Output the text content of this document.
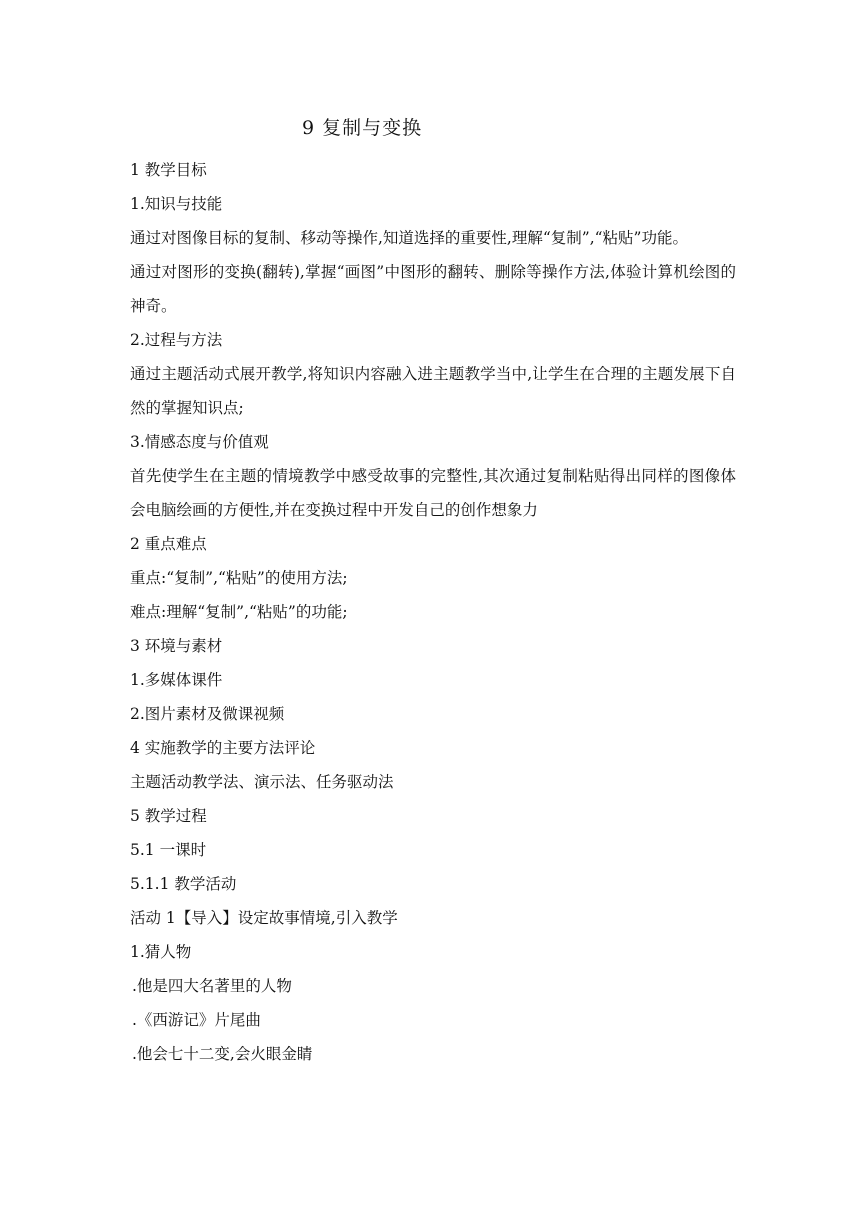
9 复制与变换
1 教学目标
1.知识与技能
通过对图像目标的复制、移动等操作,知道选择的重要性,理解“复制”,“粘贴”功能。
通过对图形的变换(翻转),掌握“画图”中图形的翻转、删除等操作方法,体验计算机绘图的神奇。
2.过程与方法
通过主题活动式展开教学,将知识内容融入进主题教学当中,让学生在合理的主题发展下自然的掌握知识点;
3.情感态度与价值观
首先使学生在主题的情境教学中感受故事的完整性,其次通过复制粘贴得出同样的图像体会电脑绘画的方便性,并在变换过程中开发自己的创作想象力
2 重点难点
重点:“复制”,“粘贴”的使用方法;
难点:理解“复制”,“粘贴”的功能;
3 环境与素材
1.多媒体课件
2.图片素材及微课视频
4 实施教学的主要方法评论
主题活动教学法、演示法、任务驱动法
5 教学过程
5.1 一课时
5.1.1 教学活动
活动 1【导入】设定故事情境,引入教学
1.猜人物
.他是四大名著里的人物
.《西游记》片尾曲
.他会七十二变,会火眼金睛
